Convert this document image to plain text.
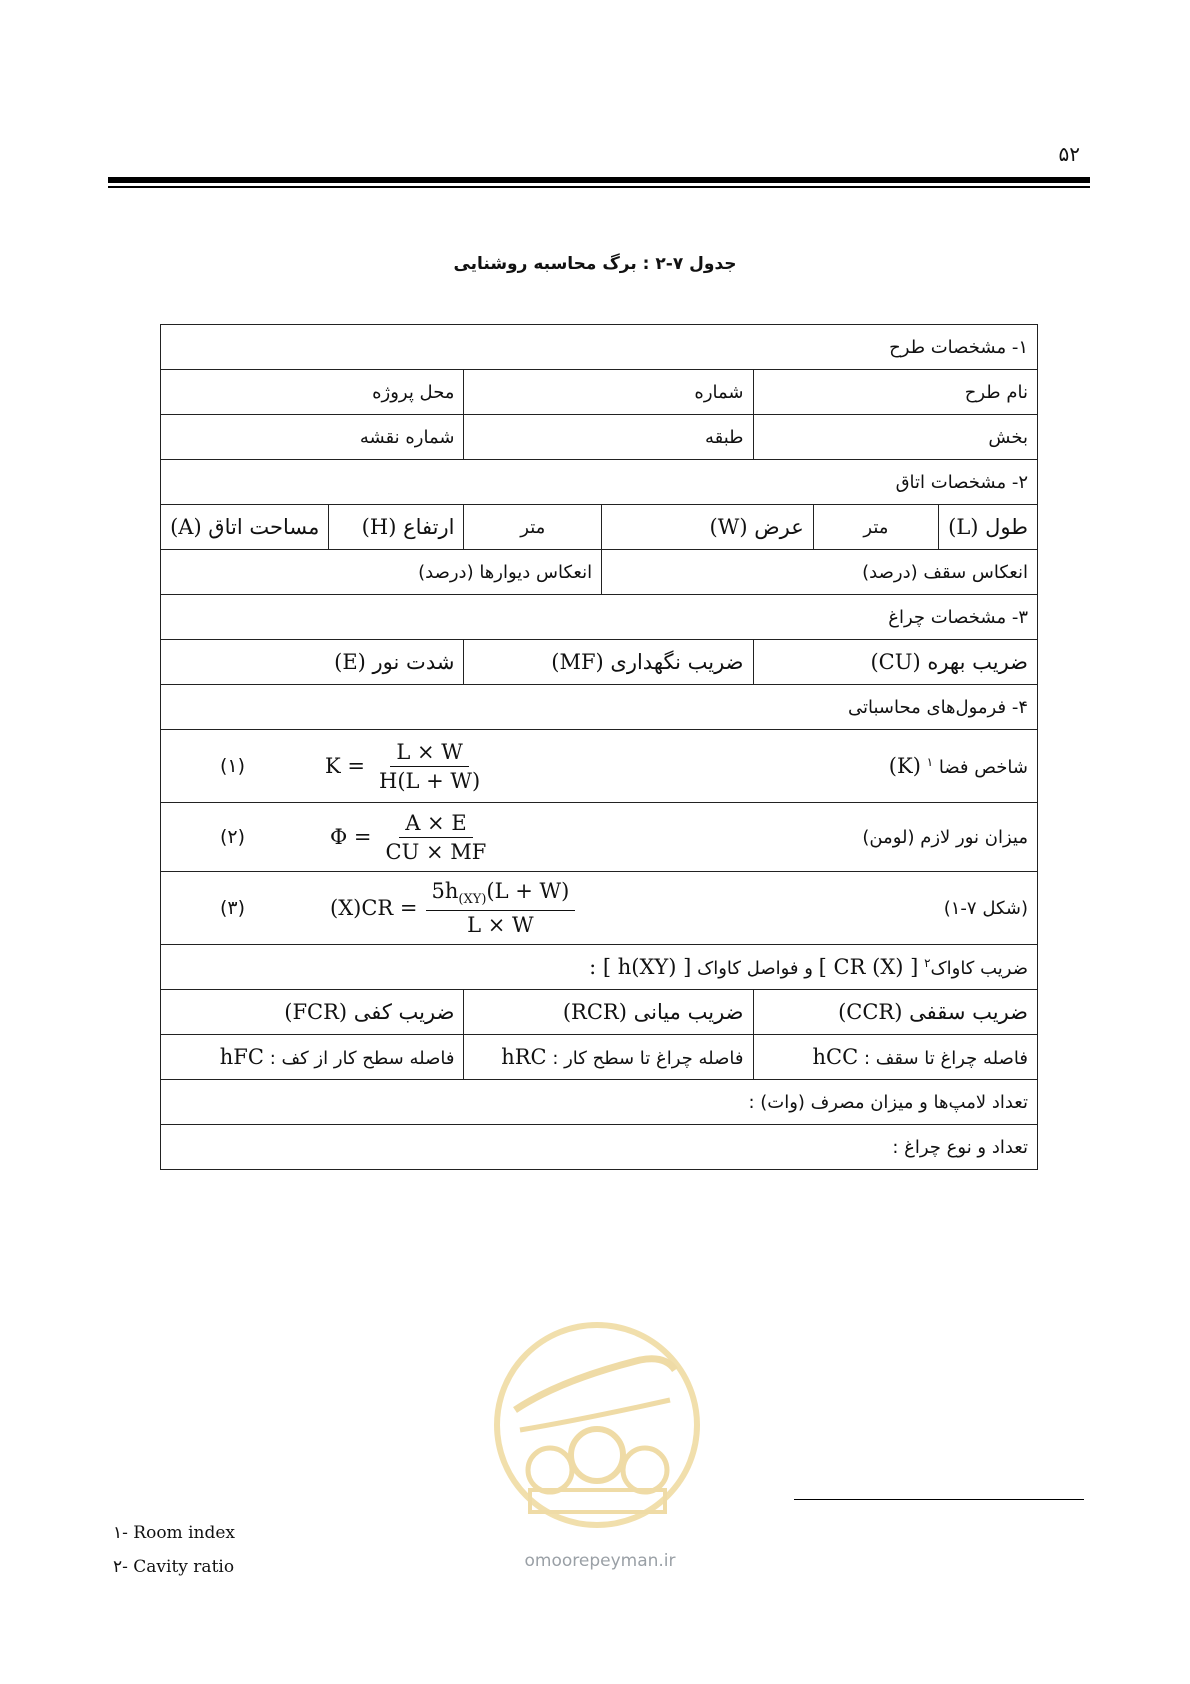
۵۲
جدول ۷-۲ : برگ محاسبه روشنایی
۱- مشخصات طرح						
نام طرح			شماره		محل پروژه	
بخش			طبقه		شماره نقشه	
۲- مشخصات اتاق						
طول (L)	متر	عرض (W)		متر	ارتفاع (H)	مساحت اتاق (A)
انعکاس سقف (درصد)				انعکاس دیوارها (درصد)		
۳- مشخصات چراغ						
ضریب بهره (CU)			ضریب نگهداری (MF)		شدت نور (E)	
۴- فرمول‌های محاسباتی						

شاخص فضا $^۱$ (K)
(۱) $K = \frac{L \times W}{H(L + W)}$

میزان نور لازم (لومن)
(۲) $\Phi = \frac{A \times E}{CU \times MF}$

(شکل ۷-۱)
(۳) $(X)CR = \frac{5h_{(XY)}(L + W)}{L \times W}$

ضریب کاواک$^۲$ [ (X) CR ] و فواصل کاواک [ h(XY) ] :						
ضریب سقفی (CCR)			ضریب میانی (RCR)		ضریب کفی (FCR)	
فاصله چراغ تا سقف : hCC			فاصله چراغ تا سطح کار : hRC		فاصله سطح کار از کف : hFC	
تعداد لامپ‌ها و میزان مصرف (وات) :						
تعداد و نوع چراغ :						
omoorepeyman.ir
۱- Room index
۲- Cavity ratio
